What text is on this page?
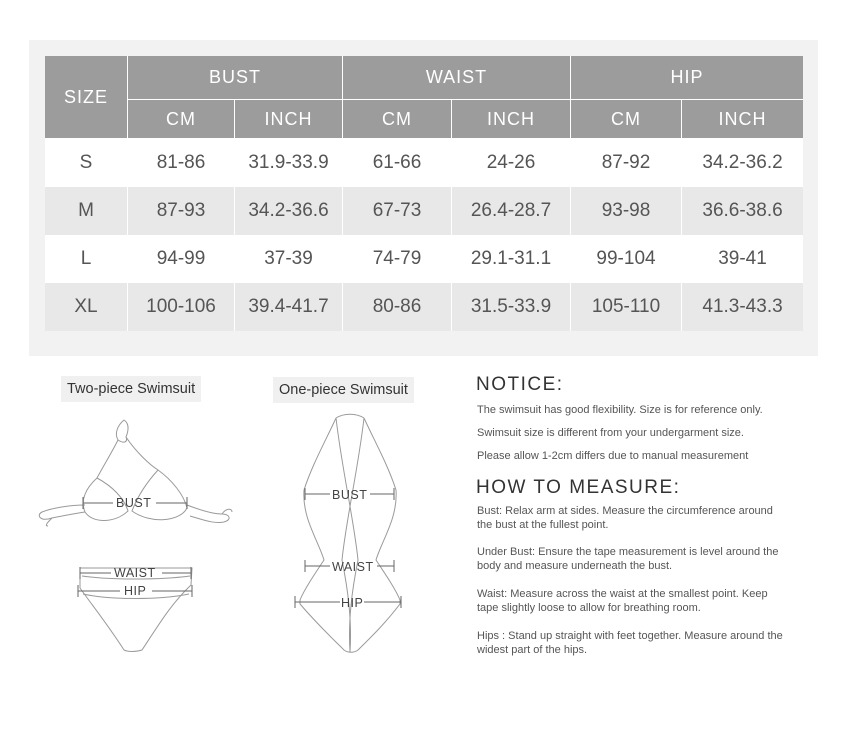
SIZE	BUST		WAIST		HIP	
	CM	INCH	CM	INCH	CM	INCH
S	81-86	31.9-33.9	61-66	24-26	87-92	34.2-36.2
M	87-93	34.2-36.6	67-73	26.4-28.7	93-98	36.6-38.6
L	94-99	37-39	74-79	29.1-31.1	99-104	39-41
XL	100-106	39.4-41.7	80-86	31.5-33.9	105-110	41.3-43.3
Two-piece Swimsuit	One-piece Swimsuit
BUST
WAIST
HIP
BUST
WAIST
HIP
NOTICE:
The swimsuit has good flexibility. Size is for reference only.
Swimsuit size is different from your undergarment size.
Please allow 1-2cm differs due to manual measurement
HOW TO MEASURE:
Bust: Relax arm at sides. Measure the circumference around the bust at the fullest point.
Under Bust: Ensure the tape measurement is level around the body and measure underneath the bust.
Waist: Measure across the waist at the smallest point. Keep tape slightly loose to allow for breathing room.
Hips : Stand up straight with feet together. Measure around the widest part of the hips.
